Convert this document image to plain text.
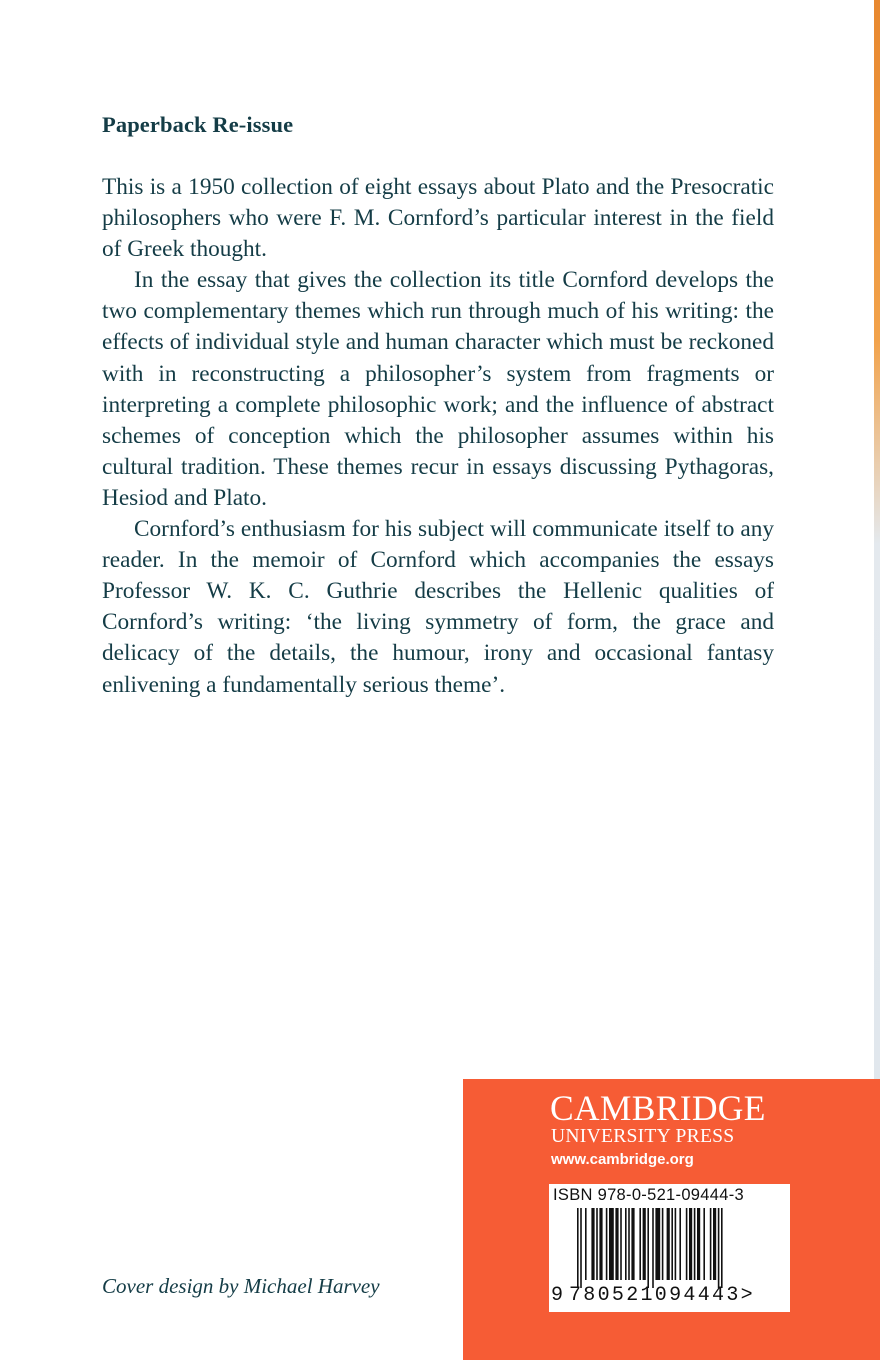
Paperback Re-issue

This is a 1950 collection of eight essays about Plato and the Presocratic philosophers who were F. M. Cornford’s particular interest in the field of Greek thought.

In the essay that gives the collection its title Cornford develops the two complementary themes which run through much of his writing: the effects of individual style and human character which must be reckoned with in reconstructing a philosopher’s system from fragments or interpreting a complete philosophic work; and the influence of abstract schemes of conception which the philosopher assumes within his cultural tradition. These themes recur in essays discussing Pythagoras, Hesiod and Plato.

Cornford’s enthusiasm for his subject will communicate itself to any reader. In the memoir of Cornford which accompanies the essays Professor W. K. C. Guthrie describes the Hellenic qualities of Cornford’s writing: ‘the living symmetry of form, the grace and delicacy of the details, the humour, irony and occasional fantasy enlivening a fundamentally serious theme’.

Cover design by Michael Harvey
CAMBRIDGE
UNIVERSITY PRESS
www.cambridge.org
ISBN 978-0-521-09444-3
9 780521094443>
